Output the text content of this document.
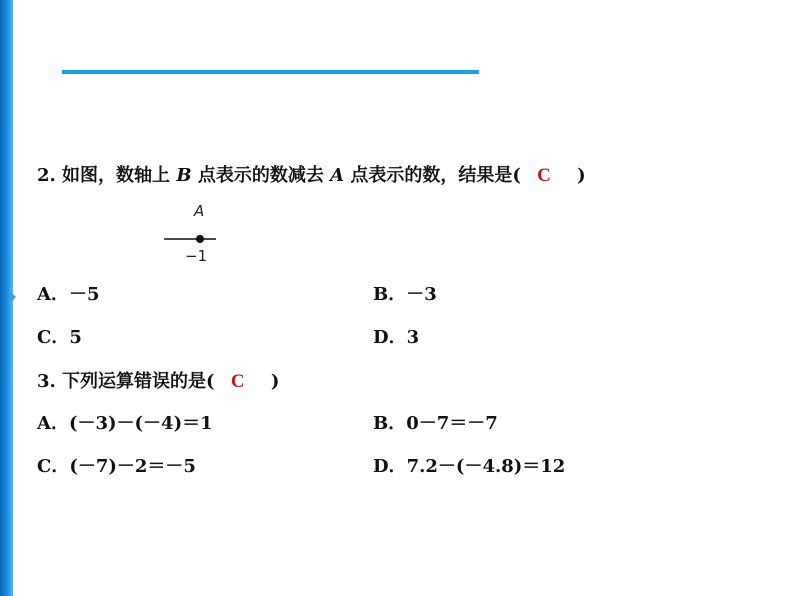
2. 如图，数轴上 B 点表示的数减去 A 点表示的数，结果是( C )
A
−1
A．－5	B．－3
C．5	D．3
3. 下列运算错误的是( C )
A．(－3)－(－4)＝1	B．0－7＝－7
C．(－7)－2＝－5	D．7.2－(－4.8)＝12
